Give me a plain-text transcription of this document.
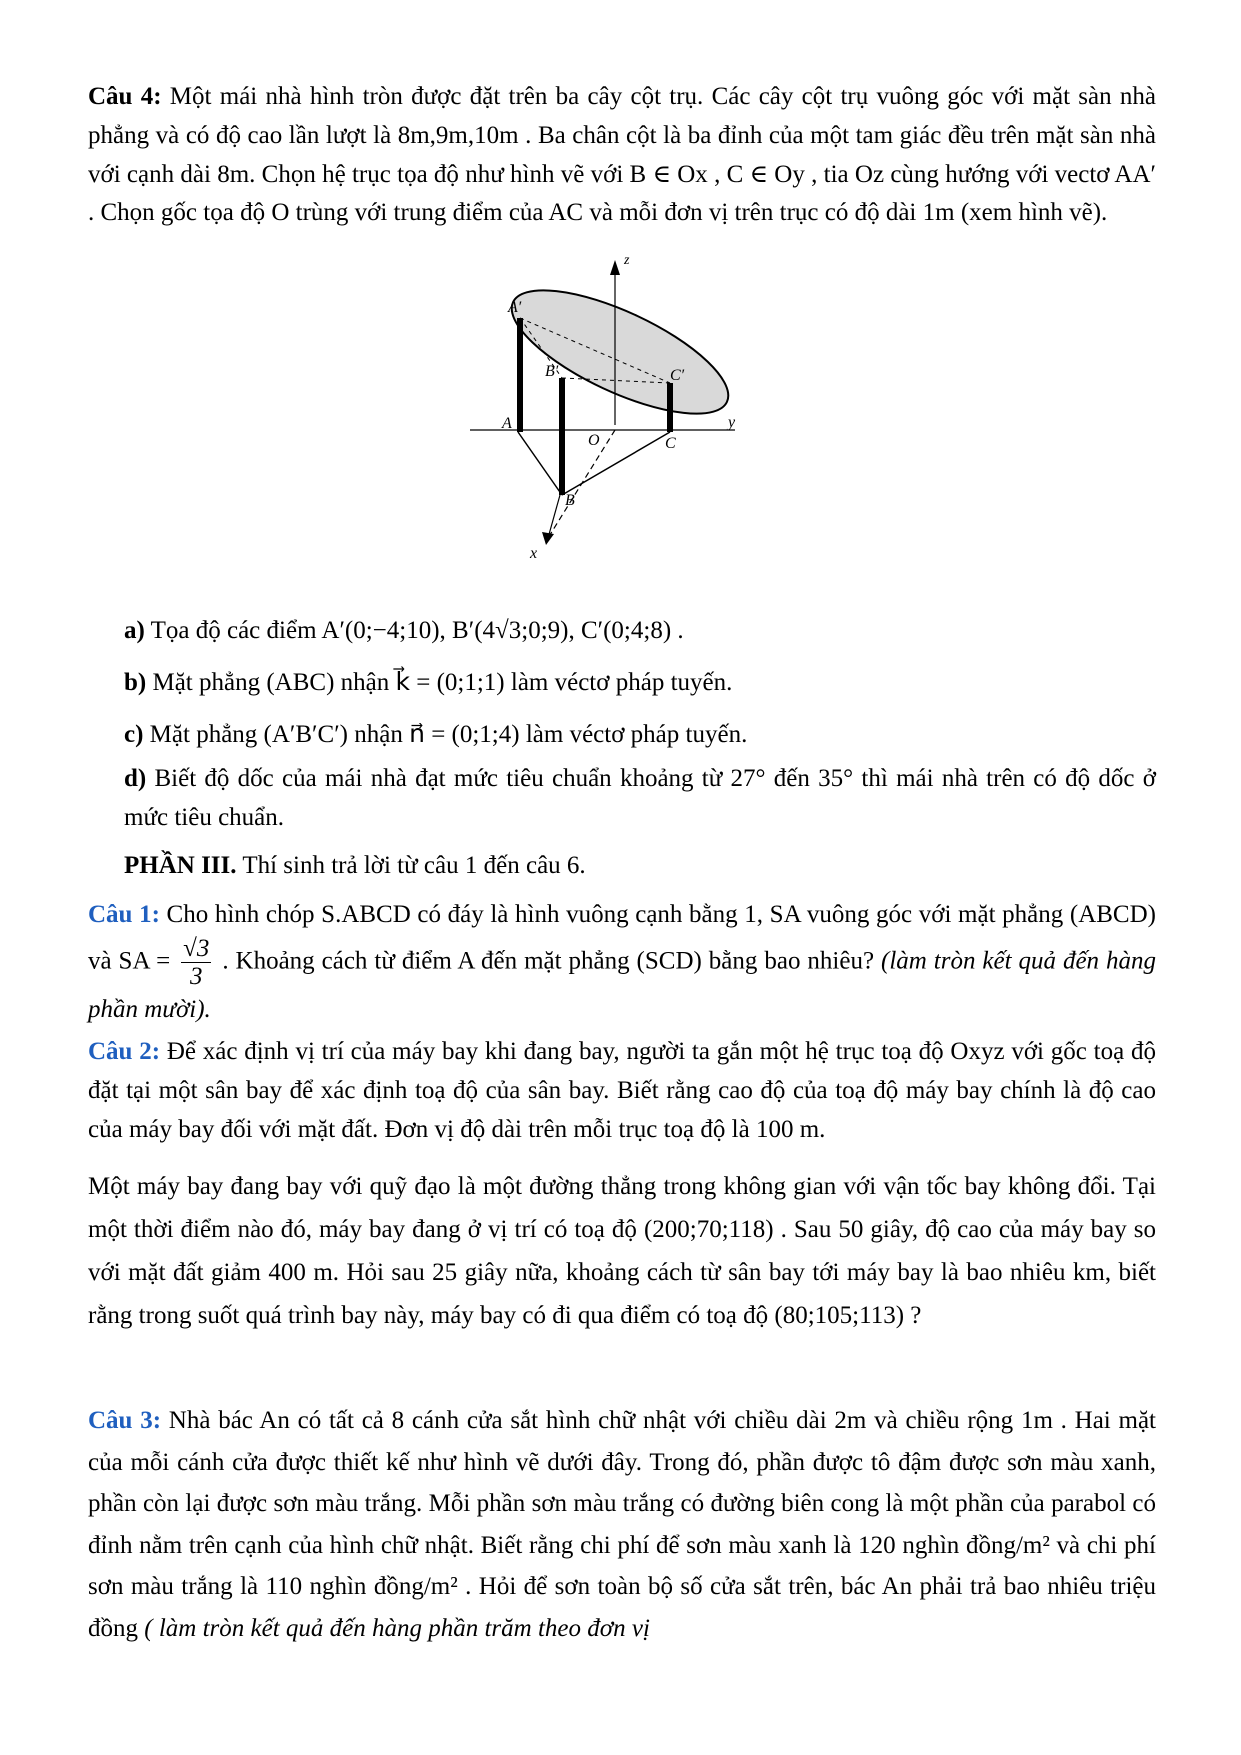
Câu 4: Một mái nhà hình tròn được đặt trên ba cây cột trụ. Các cây cột trụ vuông góc với mặt sàn nhà phẳng và có độ cao lần lượt là 8m,9m,10m . Ba chân cột là ba đỉnh của một tam giác đều trên mặt sàn nhà với cạnh dài 8m. Chọn hệ trục tọa độ như hình vẽ với B ∈ Ox , C ∈ Oy , tia Oz cùng hướng với vectơ AA′ . Chọn gốc tọa độ O trùng với trung điểm của AC và mỗi đơn vị trên trục có độ dài 1m (xem hình vẽ).
z
y
x
A′
B′	C′
A
B
C
O
a) Tọa độ các điểm A′(0;−4;10), B′(4√3;0;9), C′(0;4;8) .
b) Mặt phẳng (ABC) nhận k⃗ = (0;1;1) làm véctơ pháp tuyến.
c) Mặt phẳng (A′B′C′) nhận n⃗ = (0;1;4) làm véctơ pháp tuyến.
d) Biết độ dốc của mái nhà đạt mức tiêu chuẩn khoảng từ 27° đến 35° thì mái nhà trên có độ dốc ở mức tiêu chuẩn.
PHẦN III. Thí sinh trả lời từ câu 1 đến câu 6.
Câu 1: Cho hình chóp S.ABCD có đáy là hình vuông cạnh bằng 1, SA vuông góc với mặt phẳng (ABCD) và SA = $\frac{√3}{3}$ . Khoảng cách từ điểm A đến mặt phẳng (SCD) bằng bao nhiêu? (làm tròn kết quả đến hàng phần mười).
Câu 2: Để xác định vị trí của máy bay khi đang bay, người ta gắn một hệ trục toạ độ Oxyz với gốc toạ độ đặt tại một sân bay để xác định toạ độ của sân bay. Biết rằng cao độ của toạ độ máy bay chính là độ cao của máy bay đối với mặt đất. Đơn vị độ dài trên mỗi trục toạ độ là 100 m.
Một máy bay đang bay với quỹ đạo là một đường thẳng trong không gian với vận tốc bay không đổi. Tại một thời điểm nào đó, máy bay đang ở vị trí có toạ độ (200;70;118) . Sau 50 giây, độ cao của máy bay so với mặt đất giảm 400 m. Hỏi sau 25 giây nữa, khoảng cách từ sân bay tới máy bay là bao nhiêu km, biết rằng trong suốt quá trình bay này, máy bay có đi qua điểm có toạ độ (80;105;113) ?
Câu 3: Nhà bác An có tất cả 8 cánh cửa sắt hình chữ nhật với chiều dài 2m và chiều rộng 1m . Hai mặt của mỗi cánh cửa được thiết kế như hình vẽ dưới đây. Trong đó, phần được tô đậm được sơn màu xanh, phần còn lại được sơn màu trắng. Mỗi phần sơn màu trắng có đường biên cong là một phần của parabol có đỉnh nằm trên cạnh của hình chữ nhật. Biết rằng chi phí để sơn màu xanh là 120 nghìn đồng/m² và chi phí sơn màu trắng là 110 nghìn đồng/m² . Hỏi để sơn toàn bộ số cửa sắt trên, bác An phải trả bao nhiêu triệu đồng ( làm tròn kết quả đến hàng phần trăm theo đơn vị
